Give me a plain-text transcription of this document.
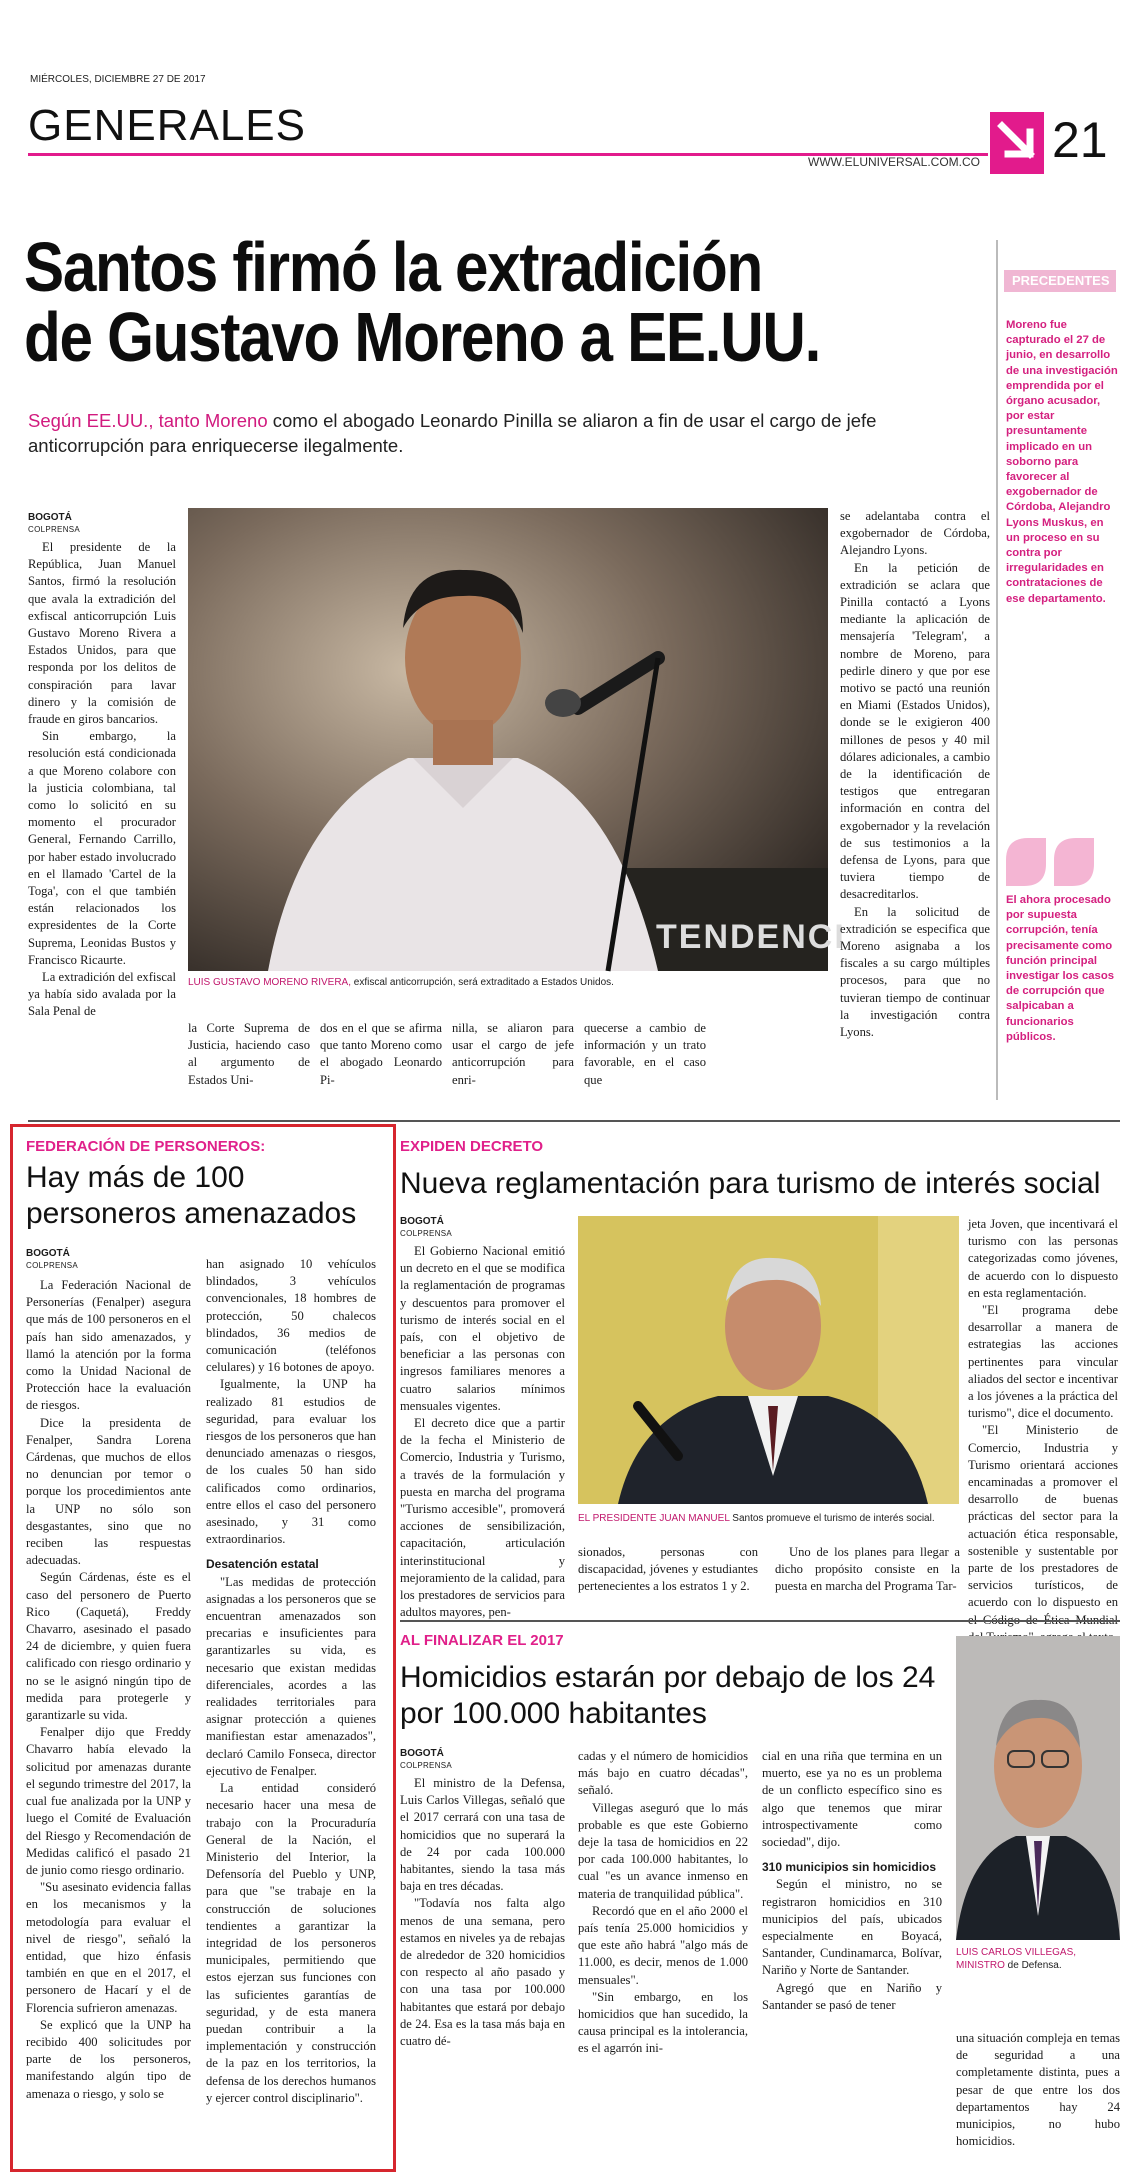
MIÉRCOLES, DICIEMBRE 27 DE 2017
GENERALES
WWW.ELUNIVERSAL.COM.CO 21
Santos firmó la extradición
de Gustavo Moreno a EE.UU.
Según EE.UU., tanto Moreno como el abogado Leonardo Pinilla se aliaron a fin de usar el cargo de jefe anticorrupción para enriquecerse ilegalmente.
BOGOTÁ
COLPRENSA

El presidente de la República, Juan Manuel Santos, firmó la resolución que avala la extradición del exfiscal anticorrupción Luis Gustavo Moreno Rivera a Estados Unidos, para que responda por los delitos de conspiración para lavar dinero y la comisión de fraude en giros bancarios.

Sin embargo, la resolución está condicionada a que Moreno colabore con la justicia colombiana, tal como lo solicitó en su momento el procurador General, Fernando Carrillo, por haber estado involucrado en el llamado 'Cartel de la Toga', con el que también están relacionados los expresidentes de la Corte Suprema, Leonidas Bustos y Francisco Ricaurte.

La extradición del exfiscal ya había sido avalada por la Sala Penal de

TENDENCI
LUIS GUSTAVO MORENO RIVERA, exfiscal anticorrupción, será extraditado a Estados Unidos.

la Corte Suprema de Justicia, haciendo caso al argumento de Estados Uni-

dos en el que se afirma que tanto Moreno como el abogado Leonardo Pi-

nilla, se aliaron para usar el cargo de jefe anticorrupción para enri-

quecerse a cambio de información y un trato favorable, en el caso que

se adelantaba contra el exgobernador de Córdoba, Alejandro Lyons.

En la petición de extradición se aclara que Pinilla contactó a Lyons mediante la aplicación de mensajería 'Telegram', a nombre de Moreno, para pedirle dinero y que por ese motivo se pactó una reunión en Miami (Estados Unidos), donde se le exigieron 400 millones de pesos y 40 mil dólares adicionales, a cambio de la identificación de testigos que entregaran información en contra del exgobernador y la revelación de sus testimonios a la defensa de Lyons, para que tuviera tiempo de desacreditarlos.

En la solicitud de extradición se especifica que Moreno asignaba a los fiscales a su cargo múltiples procesos, para que no tuvieran tiempo de continuar la investigación contra Lyons.

PRECEDENTES
Moreno fue capturado el 27 de junio, en desarrollo de una investigación emprendida por el órgano acusador, por estar presuntamente implicado en un soborno para favorecer al exgobernador de Córdoba, Alejandro Lyons Muskus, en un proceso en su contra por irregularidades en contrataciones de ese departamento.
El ahora procesado por supuesta corrupción, tenía precisamente como función principal investigar los casos de corrupción que salpicaban a funcionarios públicos.
FEDERACIÓN DE PERSONEROS:
Hay más de 100 personeros amenazados
BOGOTÁ
COLPRENSA

La Federación Nacional de Personerías (Fenalper) asegura que más de 100 personeros en el país han sido amenazados, y llamó la atención por la forma como la Unidad Nacional de Protección hace la evaluación de riesgos.

Dice la presidenta de Fenalper, Sandra Lorena Cárdenas, que muchos de ellos no denuncian por temor o porque los procedimientos ante la UNP no sólo son desgastantes, sino que no reciben las respuestas adecuadas.

Según Cárdenas, éste es el caso del personero de Puerto Rico (Caquetá), Freddy Chavarro, asesinado el pasado 24 de diciembre, y quien fuera calificado con riesgo ordinario y no se le asignó ningún tipo de medida para protegerle y garantizarle su vida.

Fenalper dijo que Freddy Chavarro había elevado la solicitud por amenazas durante el segundo trimestre del 2017, la cual fue analizada por la UNP y luego el Comité de Evaluación del Riesgo y Recomendación de Medidas calificó el pasado 21 de junio como riesgo ordinario.

"Su asesinato evidencia fallas en los mecanismos y la metodología para evaluar el nivel de riesgo", señaló la entidad, que hizo énfasis también en que en el 2017, el personero de Hacarí y el de Florencia sufrieron amenazas.

Se explicó que la UNP ha recibido 400 solicitudes por parte de los personeros, manifestando algún tipo de amenaza o riesgo, y solo se

han asignado 10 vehículos blindados, 3 vehículos convencionales, 18 hombres de protección, 50 chalecos blindados, 36 medios de comunicación (teléfonos celulares) y 16 botones de apoyo.

Igualmente, la UNP ha realizado 81 estudios de seguridad, para evaluar los riesgos de los personeros que han denunciado amenazas o riesgos, de los cuales 50 han sido calificados como ordinarios, entre ellos el caso del personero asesinado, y 31 como extraordinarios.

Desatención estatal

"Las medidas de protección asignadas a los personeros que se encuentran amenazados son precarias e insuficientes para garantizarles su vida, es necesario que existan medidas diferenciales, acordes a las realidades territoriales para asignar protección a quienes manifiestan estar amenazados", declaró Camilo Fonseca, director ejecutivo de Fenalper.

La entidad consideró necesario hacer una mesa de trabajo con la Procuraduría General de la Nación, el Ministerio del Interior, la Defensoría del Pueblo y UNP, para que "se trabaje en la construcción de soluciones tendientes a garantizar la integridad de los personeros municipales, permitiendo que estos ejerzan sus funciones con las suficientes garantías de seguridad, y de esta manera puedan contribuir a la implementación y construcción de la paz en los territorios, la defensa de los derechos humanos y ejercer control disciplinario".

EXPIDEN DECRETO
Nueva reglamentación para turismo de interés social
BOGOTÁ
COLPRENSA

El Gobierno Nacional emitió un decreto en el que se modifica la reglamentación de programas y descuentos para promover el turismo de interés social en el país, con el objetivo de beneficiar a las personas con ingresos familiares menores a cuatro salarios mínimos mensuales vigentes.

El decreto dice que a partir de la fecha el Ministerio de Comercio, Industria y Turismo, a través de la formulación y puesta en marcha del programa "Turismo accesible", promoverá acciones de sensibilización, capacitación, articulación interinstitucional y mejoramiento de la calidad, para los prestadores de servicios para adultos mayores, pen-

EL PRESIDENTE JUAN MANUEL Santos promueve el turismo de interés social.

sionados, personas con discapacidad, jóvenes y estudiantes pertenecientes a los estratos 1 y 2.

Uno de los planes para llegar a dicho propósito consiste en la puesta en marcha del Programa Tar-

jeta Joven, que incentivará el turismo con las personas categorizadas como jóvenes, de acuerdo con lo dispuesto en esta reglamentación.

"El programa debe desarrollar a manera de estrategias las acciones pertinentes para vincular aliados del sector e incentivar a los jóvenes a la práctica del turismo", dice el documento.

"El Ministerio de Comercio, Industria y Turismo orientará acciones encaminadas a promover el desarrollo de buenas prácticas del sector para la actuación ética responsable, sostenible y sustentable por parte de los prestadores de servicios turísticos, de acuerdo con lo dispuesto en

AL FINALIZAR EL 2017
Homicidios estarán por debajo de los 24 por 100.000 habitantes
BOGOTÁ
COLPRENSA

El ministro de la Defensa, Luis Carlos Villegas, señaló que el 2017 cerrará con una tasa de homicidios que no superará la de 24 por cada 100.000 habitantes, siendo la tasa más baja en tres décadas.

"Todavía nos falta algo menos de una semana, pero estamos en niveles ya de rebajas de alrededor de 320 homicidios con respecto al año pasado y con una tasa por 100.000 habitantes que estará por debajo de 24. Esa es la tasa más baja en cuatro dé-

cadas y el número de homicidios más bajo en cuatro décadas", señaló.

Villegas aseguró que lo más probable es que este Gobierno deje la tasa de homicidios en 22 por cada 100.000 habitantes, lo cual "es un avance inmenso en materia de tranquilidad pública".

Recordó que en el año 2000 el país tenía 25.000 homicidios y que este año habrá "algo más de 11.000, es decir, menos de 1.000 mensuales".

"Sin embargo, en los homicidios que han sucedido, la causa principal es la intolerancia, es el agarrón ini-

cial en una riña que termina en un muerto, ese ya no es un problema de un conflicto específico sino es algo que tenemos que mirar introspectivamente como sociedad", dijo.

310 municipios sin homicidios

Según el ministro, no se registraron homicidios en 310 municipios del país, ubicados especialmente en Boyacá, Santander, Cundinamarca, Bolívar, Nariño y Norte de Santander.

Agregó que en Nariño y Santander se pasó de tener

LUIS CARLOS VILLEGAS, MINISTRO de Defensa.

una situación compleja en temas de seguridad a una completamente distinta, pues a pesar de que entre los dos departamentos hay 24 municipios, no hubo homicidios.
